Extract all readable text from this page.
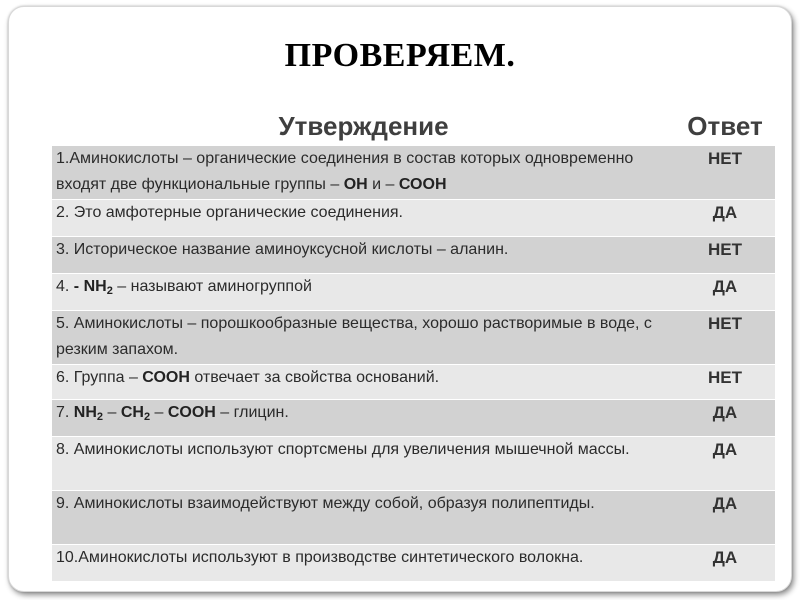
ПРОВЕРЯЕМ.
Утверждение	Ответ
1.Аминокислоты – органические соединения в состав которых одновременно входят две функциональные группы – ОН и – СООН	НЕТ
2. Это амфотерные органические соединения.	ДА
3. Историческое название аминоуксусной кислоты – аланин.	НЕТ
4. - $NH_2$ – называют аминогруппой	ДА
5. Аминокислоты – порошкообразные вещества, хорошо растворимые в воде, с резким запахом.	НЕТ
6. Группа – СООН отвечает за свойства оснований.	НЕТ
7. $NH_2 - CH_2$ – COOH – глицин.	ДА
8. Аминокислоты используют спортсмены для увеличения мышечной массы.	ДА
9. Аминокислоты взаимодействуют между собой, образуя полипептиды.	ДА
10.Аминокислоты используют в производстве синтетического волокна.	ДА
